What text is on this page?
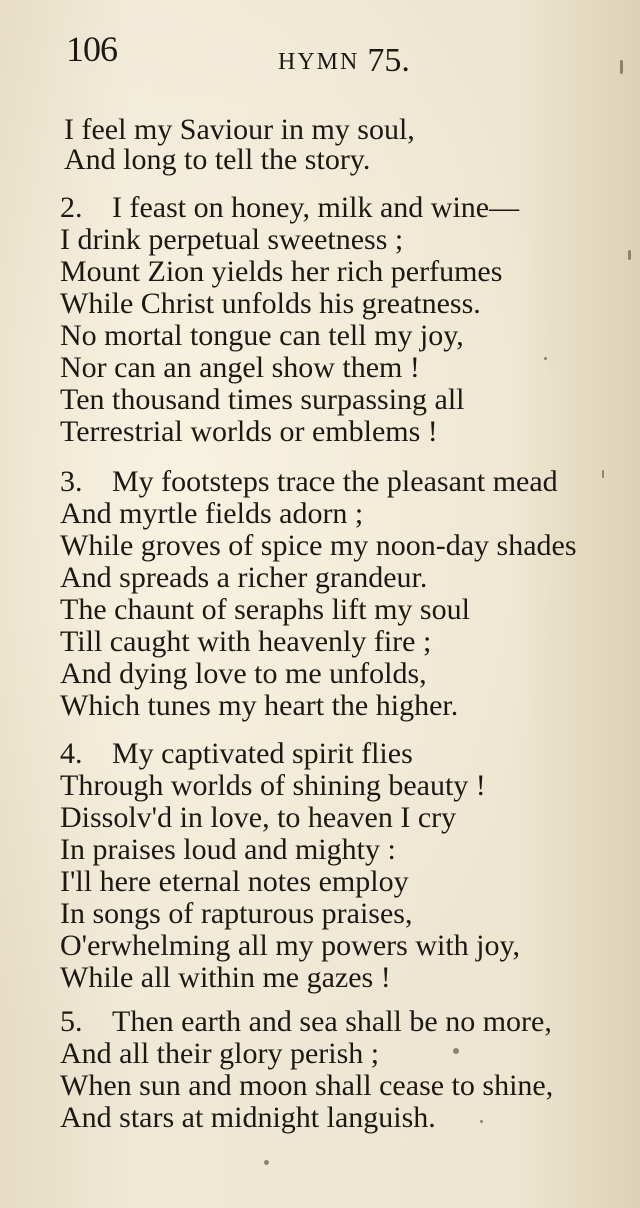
106	HYMN 75.
I feel my Saviour in my soul,
And long to tell the story.
2. I feast on honey, milk and wine—
I drink perpetual sweetness ;
Mount Zion yields her rich perfumes
While Christ unfolds his greatness.
No mortal tongue can tell my joy,
Nor can an angel show them !
Ten thousand times surpassing all
Terrestrial worlds or emblems !
3. My footsteps trace the pleasant mead
And myrtle fields adorn ;
While groves of spice my noon-day shades
And spreads a richer grandeur.
The chaunt of seraphs lift my soul
Till caught with heavenly fire ;
And dying love to me unfolds,
Which tunes my heart the higher.
4. My captivated spirit flies
Through worlds of shining beauty !
Dissolv'd in love, to heaven I cry
In praises loud and mighty :
I'll here eternal notes employ
In songs of rapturous praises,
O'erwhelming all my powers with joy,
While all within me gazes !
5. Then earth and sea shall be no more,
And all their glory perish ;
When sun and moon shall cease to shine,
And stars at midnight languish.
